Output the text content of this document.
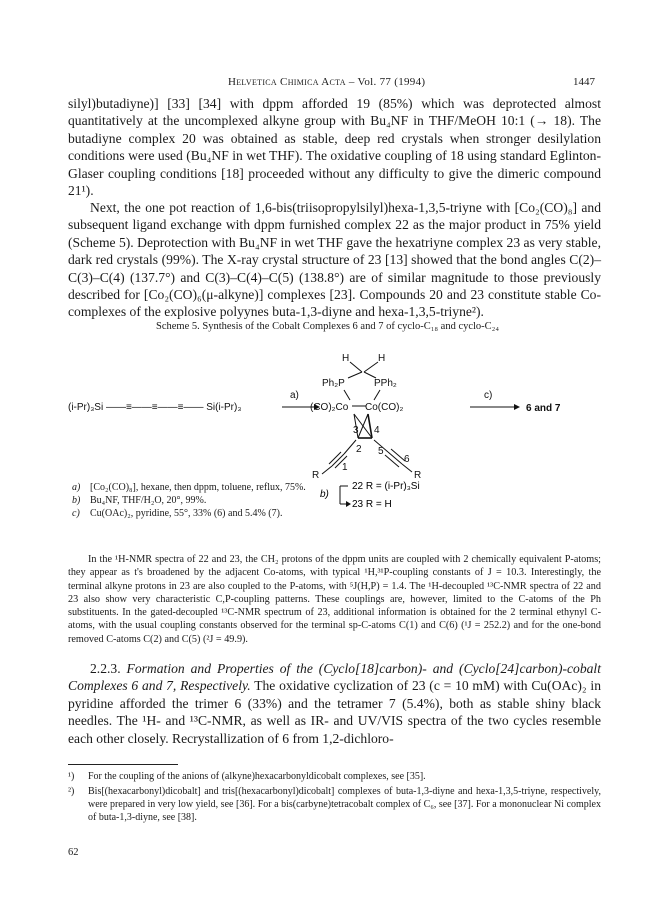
Helvetica Chimica Acta – Vol. 77 (1994)	1447
silyl)butadiyne)] [33] [34] with dppm afforded 19 (85%) which was deprotected almost quantitatively at the uncomplexed alkyne group with Bu₄NF in THF/MeOH 10:1 (→ 18). The butadiyne complex 20 was obtained as stable, deep red crystals when stronger desilylation conditions were used (Bu₄NF in wet THF). The oxidative coupling of 18 using standard Eglinton-Glaser coupling conditions [18] proceeded without any difficulty to give the dimeric compound 21¹).
Next, the one pot reaction of 1,6-bis(triisopropylsilyl)hexa-1,3,5-triyne with [Co₂(CO)₈] and subsequent ligand exchange with dppm furnished complex 22 as the major product in 75% yield (Scheme 5). Deprotection with Bu₄NF in wet THF gave the hexatriyne complex 23 as very stable, dark red crystals (99%). The X-ray crystal structure of 23 [13] showed that the bond angles C(2)–C(3)–C(4) (137.7°) and C(3)–C(4)–C(5) (138.8°) are of similar magnitude to those previously described for [Co₂(CO)₆(μ-alkyne)] complexes [23]. Compounds 20 and 23 constitute stable Co-complexes of the explosive polyynes buta-1,3-diyne and hexa-1,3,5-triyne²).
Scheme 5. Synthesis of the Cobalt Complexes 6 and 7 of cyclo-C₁₈ and cyclo-C₂₄
(i-Pr)₃Si ——≡——≡——≡—— Si(i-Pr)₃
a)
H	H
Ph₂P	PPh₂
(CO)₂Co Co(CO)₂
3 4
2
1
R
5
6
R
c)
6 and 7
b)
22 R = (i-Pr)₃Si
23 R = H
a) [Co₂(CO)₈], hexane, then dppm, toluene, reflux, 75%.
b) Bu₄NF, THF/H₂O, 20°, 99%.
c)	Cu(OAc)₂, pyridine, 55°, 33% (6) and 5.4% (7).
In the ¹H-NMR spectra of 22 and 23, the CH₂ protons of the dppm units are coupled with 2 chemically equivalent P-atoms; they appear as t's broadened by the adjacent Co-atoms, with typical ¹H,³¹P-coupling constants of J = 10.3. Interestingly, the terminal alkyne protons in 23 are also coupled to the P-atoms, with ⁵J(H,P) = 1.4. The ¹H-decoupled ¹³C-NMR spectra of 22 and 23 also show very characteristic C,P-coupling patterns. These couplings are, however, limited to the C-atoms of the Ph substituents. In the gated-decoupled ¹³C-NMR spectrum of 23, additional information is obtained for the 2 terminal ethynyl C-atoms, with the usual coupling constants observed for the terminal sp-C-atoms C(1) and C(6) (¹J = 252.2) and for the one-bond removed C-atoms C(2) and C(5) (²J = 49.9).
2.2.3. Formation and Properties of the (Cyclo[18]carbon)- and (Cyclo[24]carbon)-cobalt Complexes 6 and 7, Respectively. The oxidative cyclization of 23 (c = 10 mM) with Cu(OAc)₂ in pyridine afforded the trimer 6 (33%) and the tetramer 7 (5.4%), both as stable shiny black needles. The ¹H- and ¹³C-NMR, as well as IR- and UV/VIS spectra of the two cycles resemble each other closely. Recrystallization of 6 from 1,2-dichloro-
¹)	For the coupling of the anions of (alkyne)hexacarbonyldicobalt complexes, see [35].
²)	Bis[(hexacarbonyl)dicobalt] and tris[(hexacarbonyl)dicobalt] complexes of buta-1,3-diyne and hexa-1,3,5-triyne, respectively, were prepared in very low yield, see [36]. For a bis(carbyne)tetracobalt complex of C₆, see [37]. For a mononuclear Ni complex of buta-1,3-diyne, see [38].
62
